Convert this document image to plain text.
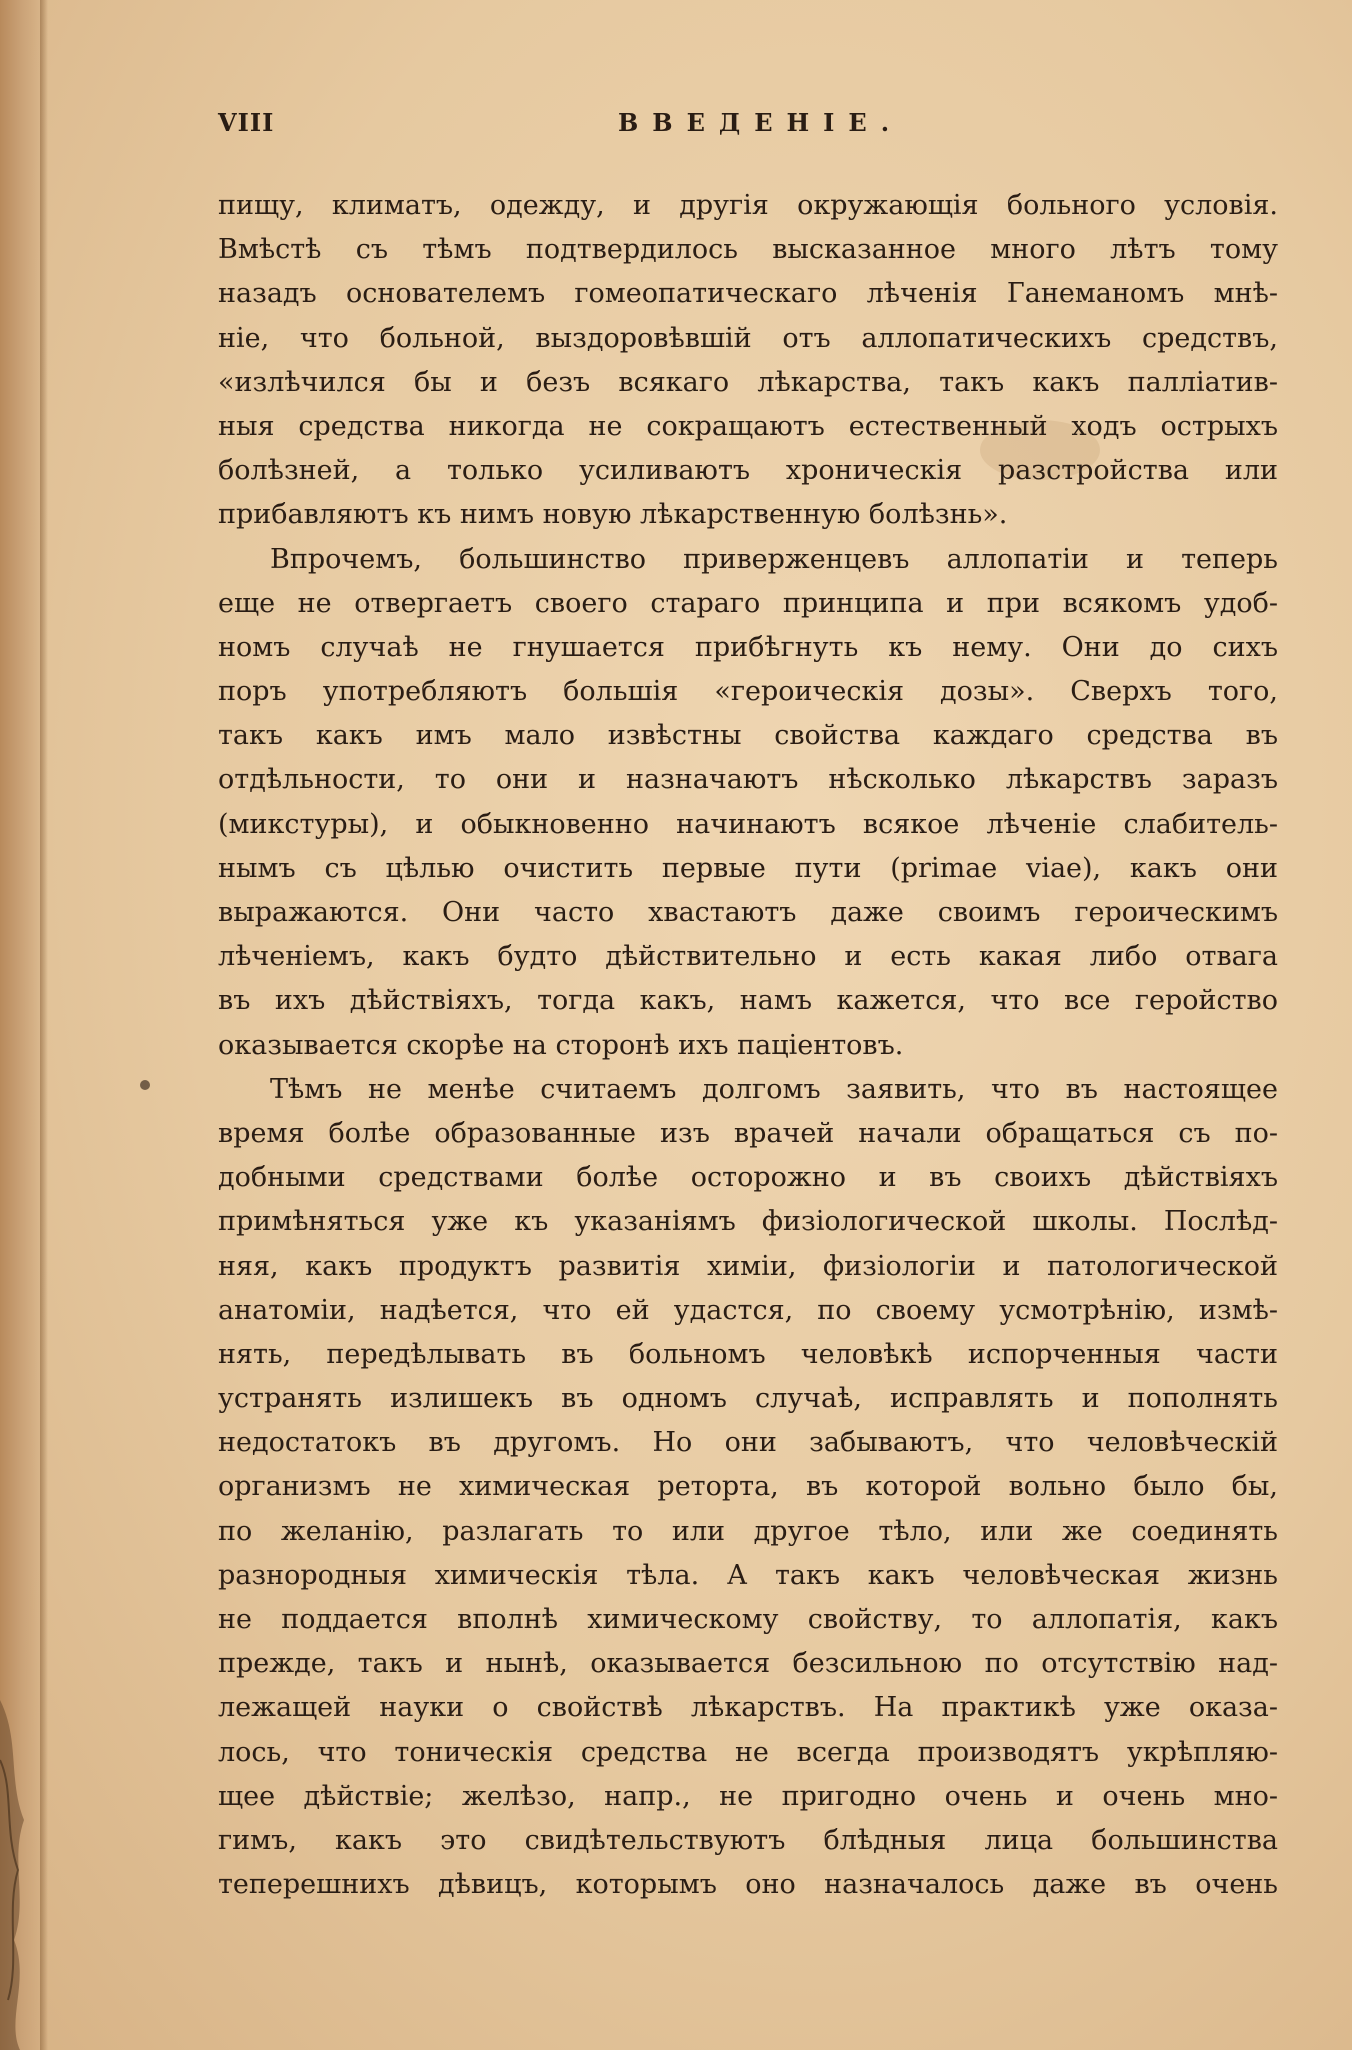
VIII	ВВЕДЕНІЕ.
пищу, климатъ, одежду, и другія окружающія больного условія.
Вмѣстѣ съ тѣмъ подтвердилось высказанное много лѣтъ тому
назадъ основателемъ гомеопатическаго лѣченія Ганеманомъ мнѣ-
ніе, что больной, выздоровѣвшій отъ аллопатическихъ средствъ,
«излѣчился бы и безъ всякаго лѣкарства, такъ какъ палліатив-
ныя средства никогда не сокращаютъ естественный ходъ острыхъ
болѣзней, а только усиливаютъ хроническія разстройства или
прибавляютъ къ нимъ новую лѣкарственную болѣзнь».
Впрочемъ, большинство приверженцевъ аллопатіи и теперь
еще не отвергаетъ своего стараго принципа и при всякомъ удоб-
номъ случаѣ не гнушается прибѣгнуть къ нему. Они до сихъ
поръ употребляютъ большія «героическія дозы». Сверхъ того,
такъ какъ имъ мало извѣстны свойства каждаго средства въ
отдѣльности, то они и назначаютъ нѣсколько лѣкарствъ заразъ
(микстуры), и обыкновенно начинаютъ всякое лѣченіе слабитель-
нымъ съ цѣлью очистить первые пути (primae viae), какъ они
выражаются. Они часто хвастаютъ даже своимъ героическимъ
лѣченіемъ, какъ будто дѣйствительно и есть какая либо отвага
въ ихъ дѣйствіяхъ, тогда какъ, намъ кажется, что все геройство
оказывается скорѣе на сторонѣ ихъ паціентовъ.
Тѣмъ не менѣе считаемъ долгомъ заявить, что въ настоящее
время болѣе образованные изъ врачей начали обращаться съ по-
добными средствами болѣе осторожно и въ своихъ дѣйствіяхъ
примѣняться уже къ указаніямъ физіологической школы. Послѣд-
няя, какъ продуктъ развитія химіи, физіологіи и патологической
анатоміи, надѣется, что ей удастся, по своему усмотрѣнію, измѣ-
нять, передѣлывать въ больномъ человѣкѣ испорченныя части
устранять излишекъ въ одномъ случаѣ, исправлять и пополнять
недостатокъ въ другомъ. Но они забываютъ, что человѣческій
организмъ не химическая реторта, въ которой вольно было бы,
по желанію, разлагать то или другое тѣло, или же соединять
разнородныя химическія тѣла. А такъ какъ человѣческая жизнь
не поддается вполнѣ химическому свойству, то аллопатія, какъ
прежде, такъ и нынѣ, оказывается безсильною по отсутствію над-
лежащей науки о свойствѣ лѣкарствъ. На практикѣ уже оказа-
лось, что тоническія средства не всегда производятъ укрѣпляю-
щее дѣйствіе; желѣзо, напр., не пригодно очень и очень мно-
гимъ, какъ это свидѣтельствуютъ блѣдныя лица большинства
теперешнихъ дѣвицъ, которымъ оно назначалось даже въ очень
